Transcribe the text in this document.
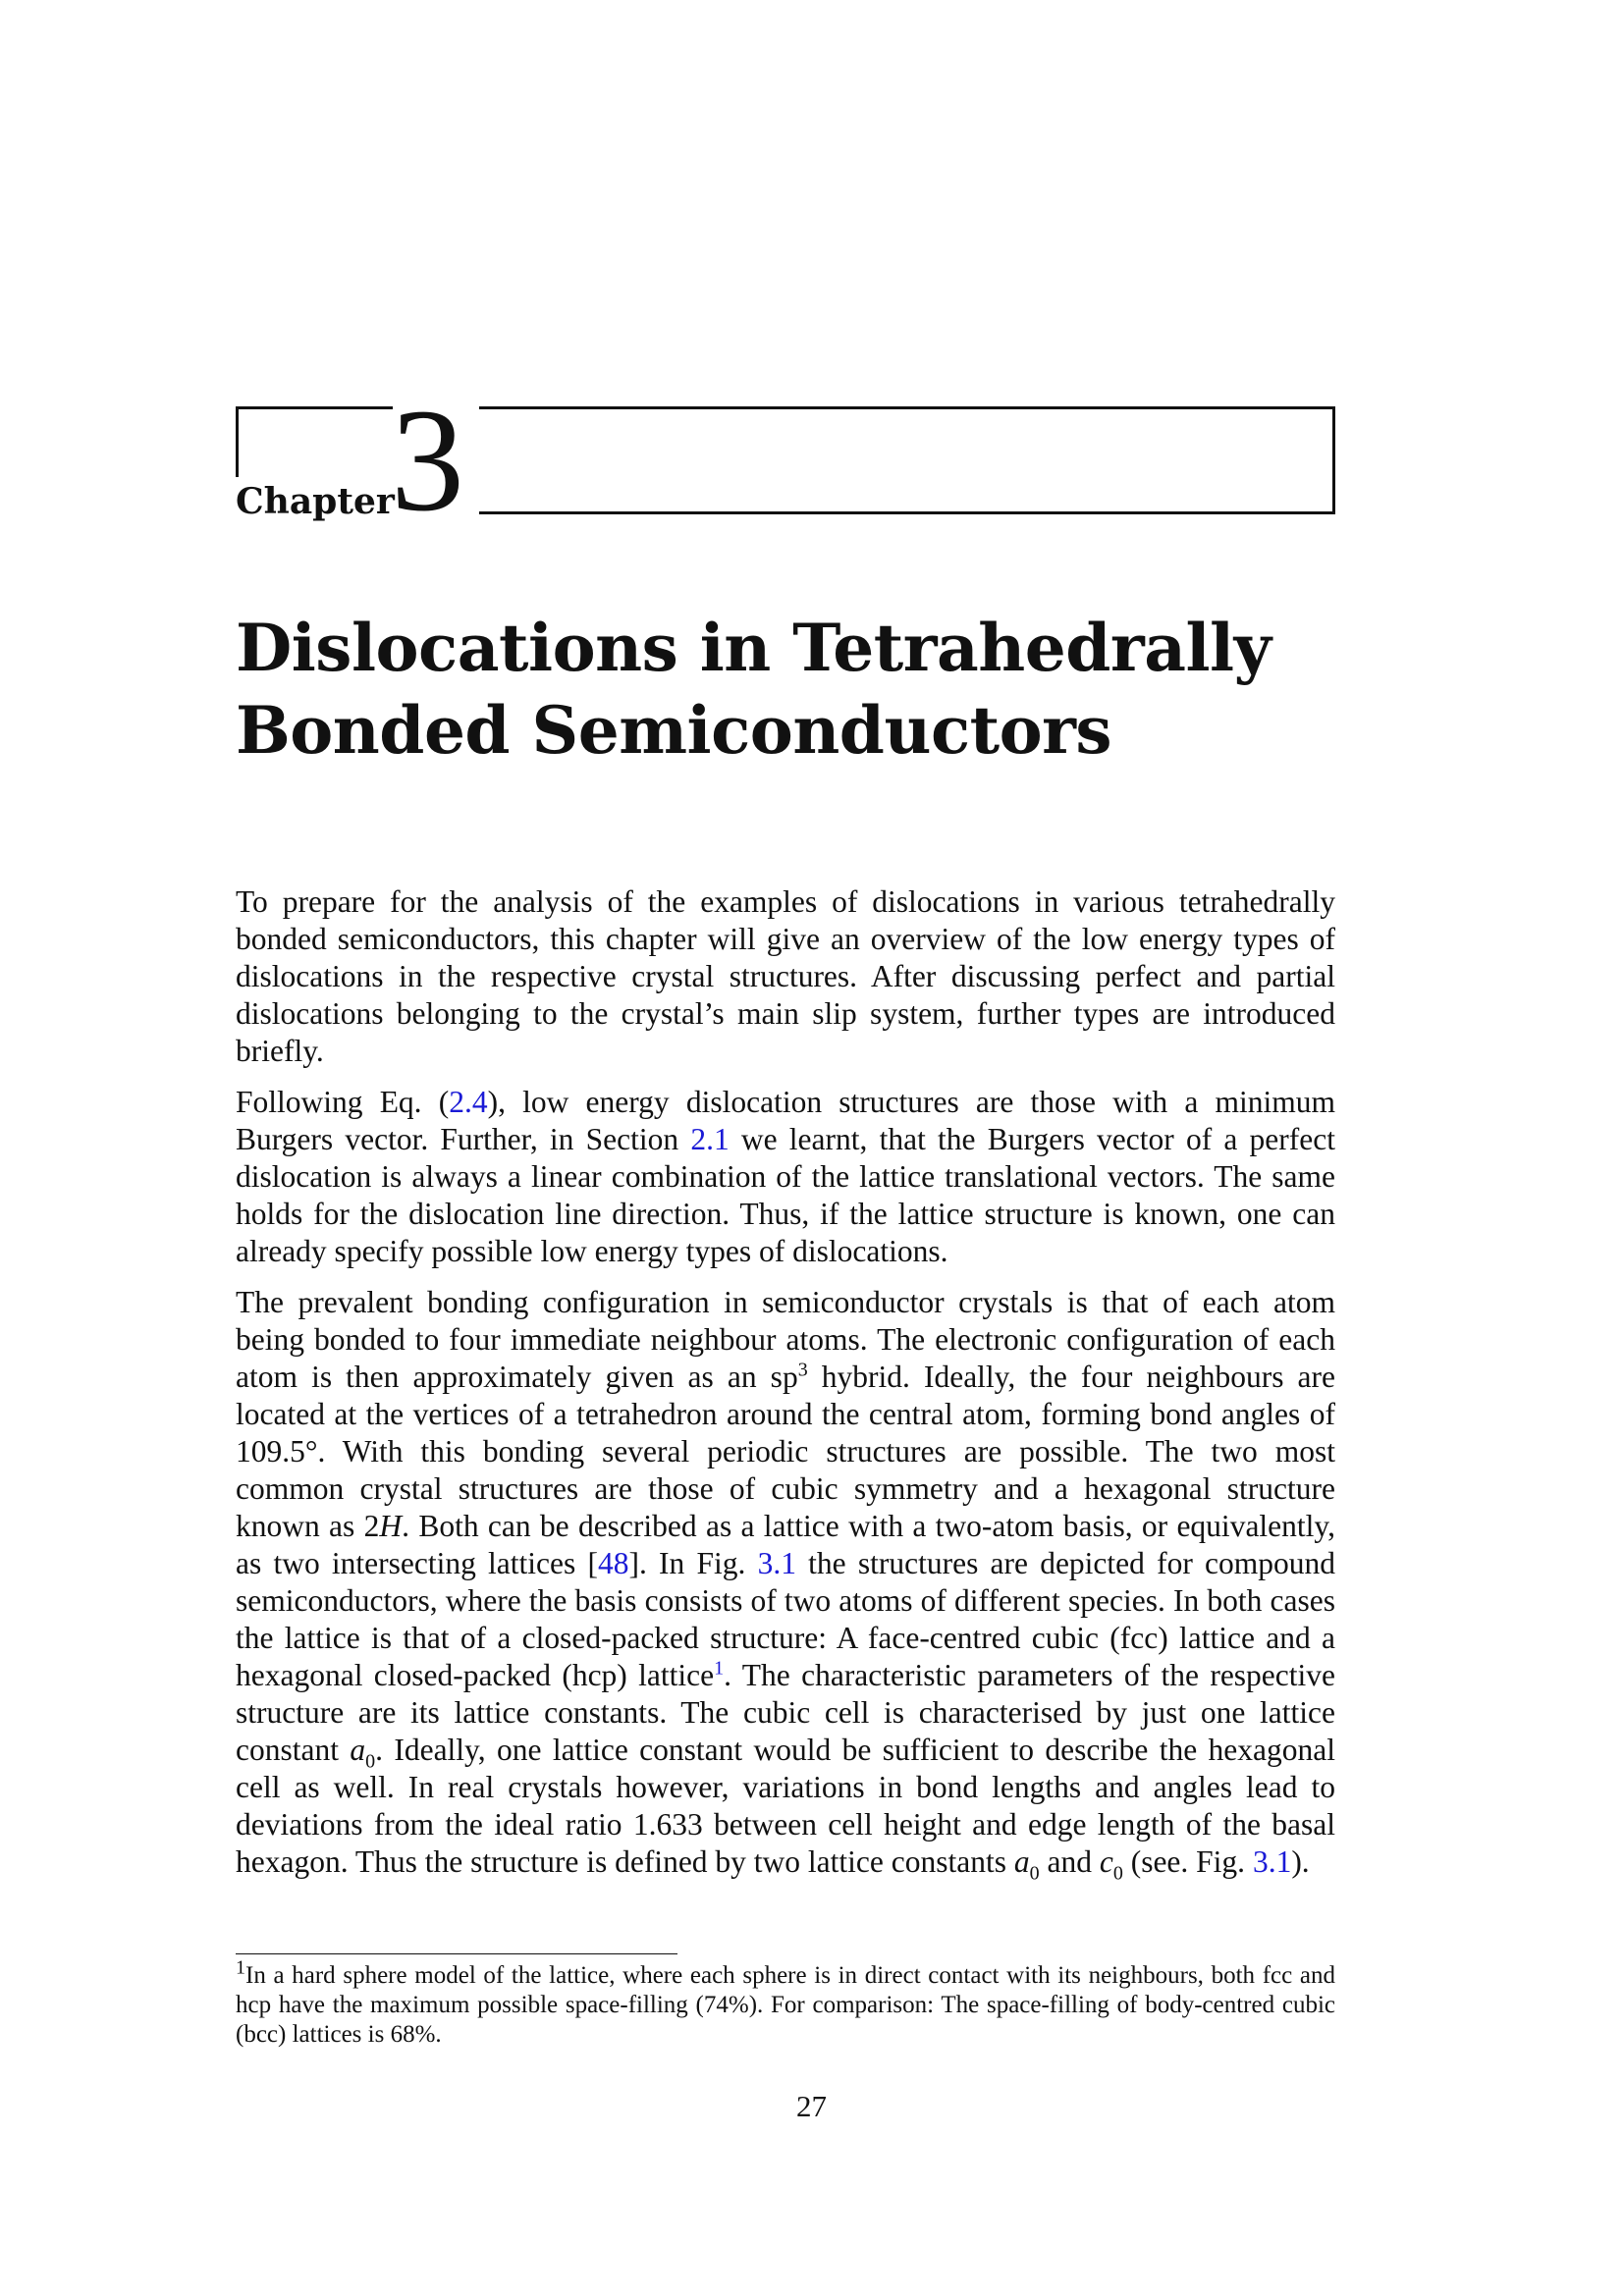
Chapter
3
Dislocations in Tetrahedrally
Bonded Semiconductors

To prepare for the analysis of the examples of dislocations in various tetrahedrally bonded semiconductors, this chapter will give an overview of the low energy types of dislocations in the respective crystal structures. After discussing perfect and partial dislocations belonging to the crystal’s main slip system, further types are introduced briefly.

Following Eq. (2.4), low energy dislocation structures are those with a minimum Burgers vector. Further, in Section 2.1 we learnt, that the Burgers vector of a perfect dislocation is always a linear combination of the lattice translational vectors. The same holds for the dislocation line direction. Thus, if the lattice structure is known, one can already specify possible low energy types of dislocations.

The prevalent bonding configuration in semiconductor crystals is that of each atom being bonded to four immediate neighbour atoms. The electronic configuration of each atom is then approximately given as an $sp^3$ hybrid. Ideally, the four neighbours are located at the vertices of a tetrahedron around the central atom, forming bond angles of 109.5°. With this bonding several periodic structures are possible. The two most common crystal structures are those of cubic symmetry and a hexagonal structure known as 2H. Both can be described as a lattice with a two-atom basis, or equivalently, as two intersecting lattices [48]. In Fig. 3.1 the structures are depicted for compound semiconductors, where the basis consists of two atoms of different species. In both cases the lattice is that of a closed-packed structure: A face-centred cubic (fcc) lattice and a hexagonal closed-packed (hcp) lattice$^1$. The characteristic parameters of the respective structure are its lattice constants. The cubic cell is characterised by just one lattice constant $a_0$. Ideally, one lattice constant would be sufficient to describe the hexagonal cell as well. In real crystals however, variations in bond lengths and angles lead to deviations from the ideal ratio 1.633 between cell height and edge length of the basal hexagon. Thus the structure is defined by two lattice constants $a_0$ and $c_0$ (see. Fig. 3.1).

$^1$In a hard sphere model of the lattice, where each sphere is in direct contact with its neighbours, both fcc and hcp have the maximum possible space-filling (74%). For comparison: The space-filling of body-centred cubic (bcc) lattices is 68%.
27
